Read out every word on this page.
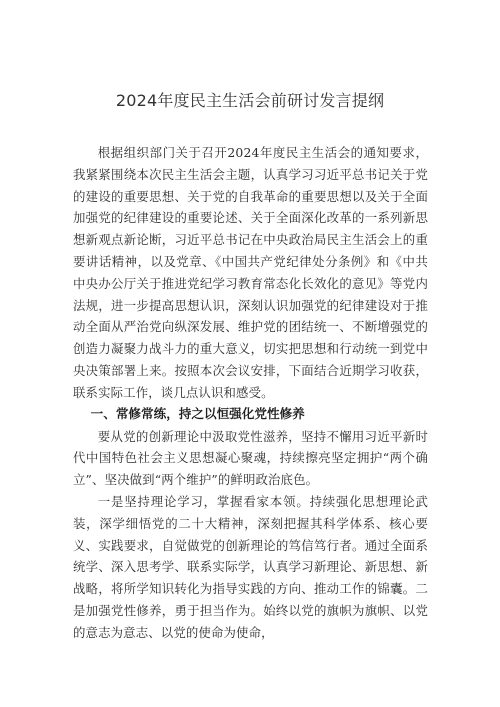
2024年度民主生活会前研讨发言提纲

根据组织部门关于召开2024年度民主生活会的通知要求，我紧紧围绕本次民主生活会主题，认真学习习近平总书记关于党的建设的重要思想、关于党的自我革命的重要思想以及关于全面加强党的纪律建设的重要论述、关于全面深化改革的一系列新思想新观点新论断，习近平总书记在中央政治局民主生活会上的重要讲话精神，以及党章、《中国共产党纪律处分条例》和《中共中央办公厅关于推进党纪学习教育常态化长效化的意见》等党内法规，进一步提高思想认识，深刻认识加强党的纪律建设对于推动全面从严治党向纵深发展、维护党的团结统一、不断增强党的创造力凝聚力战斗力的重大意义，切实把思想和行动统一到党中央决策部署上来。按照本次会议安排，下面结合近期学习收获，联系实际工作，谈几点认识和感受。

一、常修常练，持之以恒强化党性修养

要从党的创新理论中汲取党性滋养，坚持不懈用习近平新时代中国特色社会主义思想凝心聚魂，持续擦亮坚定拥护“两个确立”、坚决做到“两个维护”的鲜明政治底色。

一是坚持理论学习，掌握看家本领。持续强化思想理论武装，深学细悟党的二十大精神，深刻把握其科学体系、核心要义、实践要求，自觉做党的创新理论的笃信笃行者。通过全面系统学、深入思考学、联系实际学，认真学习新理论、新思想、新战略，将所学知识转化为指导实践的方向、推动工作的锦囊。二是加强党性修养，勇于担当作为。始终以党的旗帜为旗帜、以党的意志为意志、以党的使命为使命，
